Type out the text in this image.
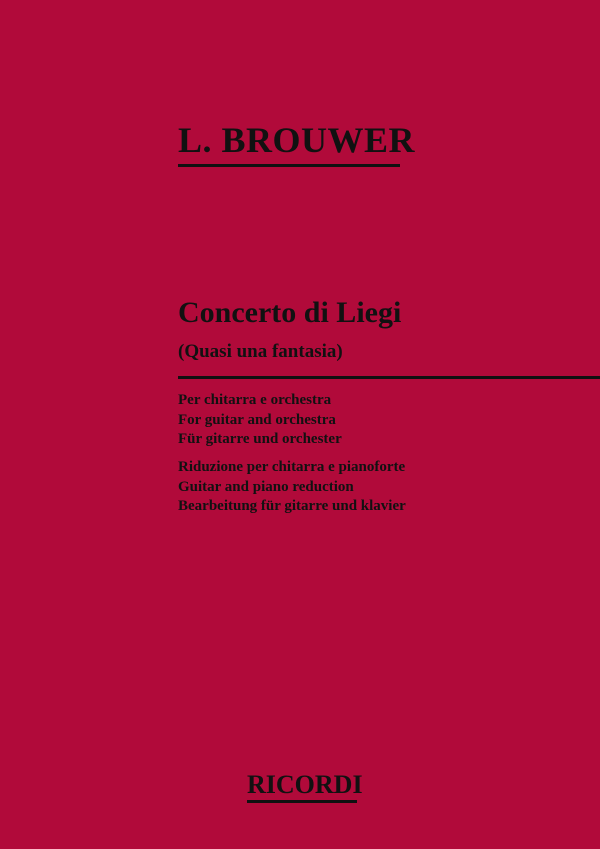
L. BROUWER
Concerto di Liegi
(Quasi una fantasia)
Per chitarra e orchestra
For guitar and orchestra
Für gitarre und orchester
Riduzione per chitarra e pianoforte
Guitar and piano reduction
Bearbeitung für gitarre und klavier
RICORDI
